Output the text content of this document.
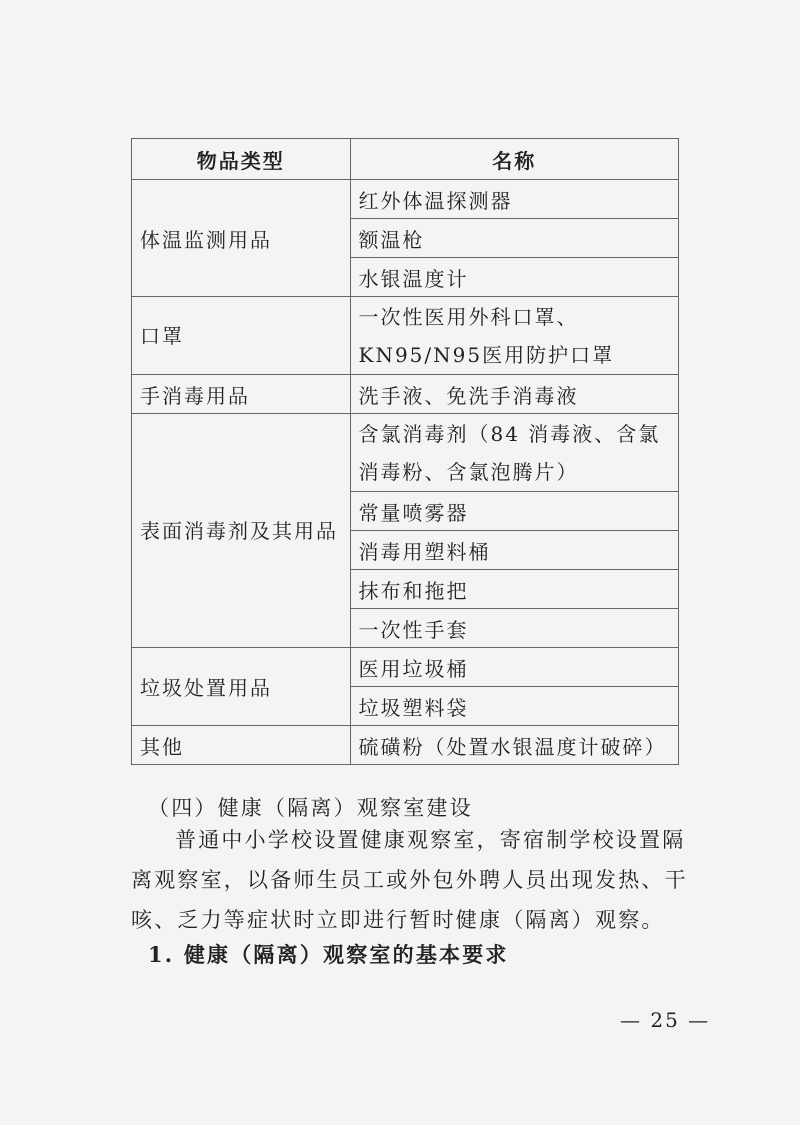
物品类型	名称
体温监测用品	红外体温探测器
	额温枪
	水银温度计
口罩	一次性医用外科口罩、KN95/N95医用防护口罩
手消毒用品	洗手液、免洗手消毒液
表面消毒剂及其用品	含氯消毒剂（84 消毒液、含氯消毒粉、含氯泡腾片）
	常量喷雾器
	消毒用塑料桶
	抹布和拖把
	一次性手套
垃圾处置用品	医用垃圾桶
	垃圾塑料袋
其他	硫磺粉（处置水银温度计破碎）
（四）健康（隔离）观察室建设
普通中小学校设置健康观察室，寄宿制学校设置隔离观察室，以备师生员工或外包外聘人员出现发热、干咳、乏力等症状时立即进行暂时健康（隔离）观察。
1. 健康（隔离）观察室的基本要求
— 25 —
